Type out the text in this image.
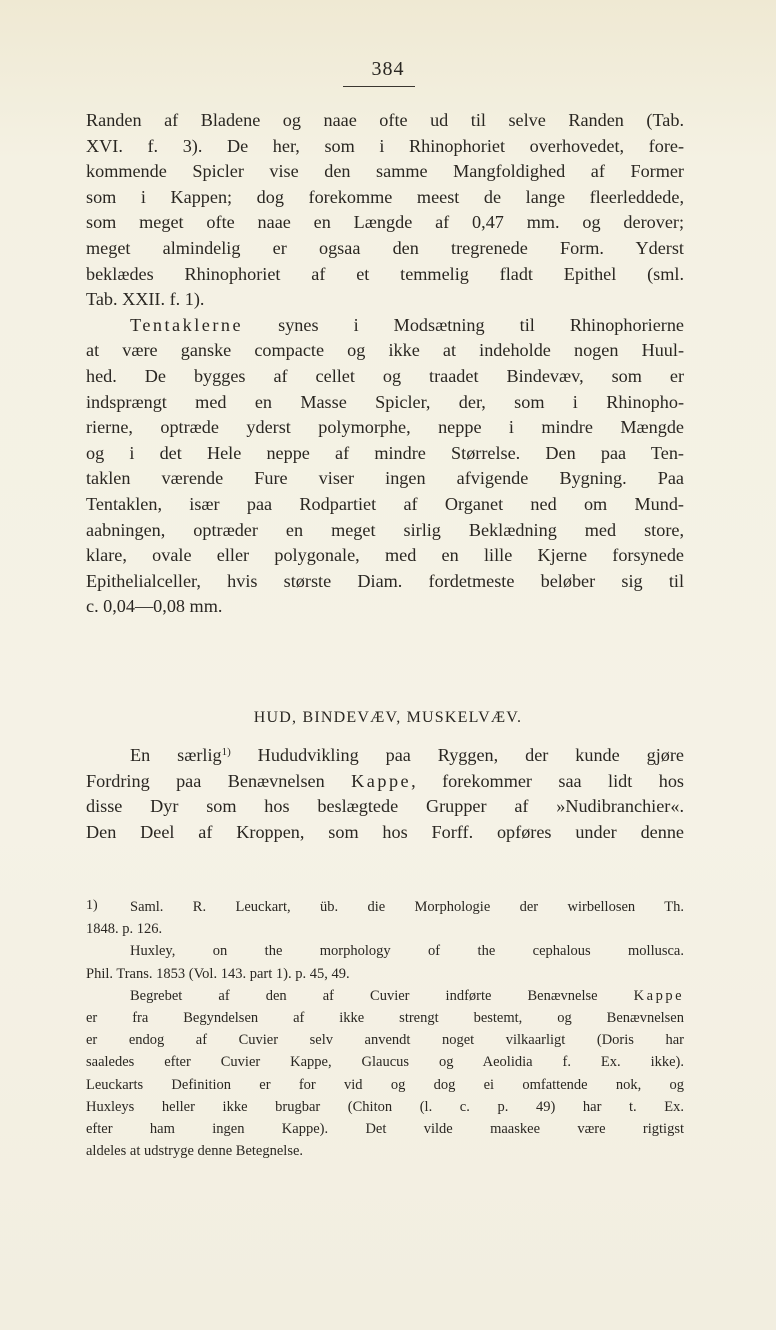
384
Randen af Bladene og naae ofte ud til selve Randen (Tab.
XVI. f. 3). De her, som i Rhinophoriet overhovedet, fore-
kommende Spicler vise den samme Mangfoldighed af Former
som i Kappen; dog forekomme meest de lange fleerleddede,
som meget ofte naae en Længde af 0,47 mm. og derover;
meget almindelig er ogsaa den tregrenede Form. Yderst
beklædes Rhinophoriet af et temmelig fladt Epithel (sml.
Tab. XXII. f. 1).
Tentaklerne synes i Modsætning til Rhinophorierne
at være ganske compacte og ikke at indeholde nogen Huul-
hed. De bygges af cellet og traadet Bindevæv, som er
indsprængt med en Masse Spicler, der, som i Rhinopho-
rierne, optræde yderst polymorphe, neppe i mindre Mængde
og i det Hele neppe af mindre Størrelse. Den paa Ten-
taklen værende Fure viser ingen afvigende Bygning. Paa
Tentaklen, især paa Rodpartiet af Organet ned om Mund-
aabningen, optræder en meget sirlig Beklædning med store,
klare, ovale eller polygonale, med en lille Kjerne forsynede
Epithelialceller, hvis største Diam. fordetmeste beløber sig til
c. 0,04—0,08 mm.
HUD, BINDEVÆV, MUSKELVÆV.
En særlig$^{1)}$ Hududvikling paa Ryggen, der kunde gjøre
Fordring paa Benævnelsen Kappe, forekommer saa lidt hos
disse Dyr som hos beslægtede Grupper af »Nudibranchier«.
Den Deel af Kroppen, som hos Forff. opføres under denne
1) Saml. R. Leuckart, üb. die Morphologie der wirbellosen Th.
1848. p. 126.
Huxley, on the morphology of the cephalous mollusca.
Phil. Trans. 1853 (Vol. 143. part 1). p. 45, 49.
Begrebet af den af Cuvier indførte Benævnelse Kappe
er fra Begyndelsen af ikke strengt bestemt, og Benævnelsen
er endog af Cuvier selv anvendt noget vilkaarligt (Doris har
saaledes efter Cuvier Kappe, Glaucus og Aeolidia f. Ex. ikke).
Leuckarts Definition er for vid og dog ei omfattende nok, og
Huxleys heller ikke brugbar (Chiton (l. c. p. 49) har t. Ex.
efter ham ingen Kappe). Det vilde maaskee være rigtigst
aldeles at udstryge denne Betegnelse.
